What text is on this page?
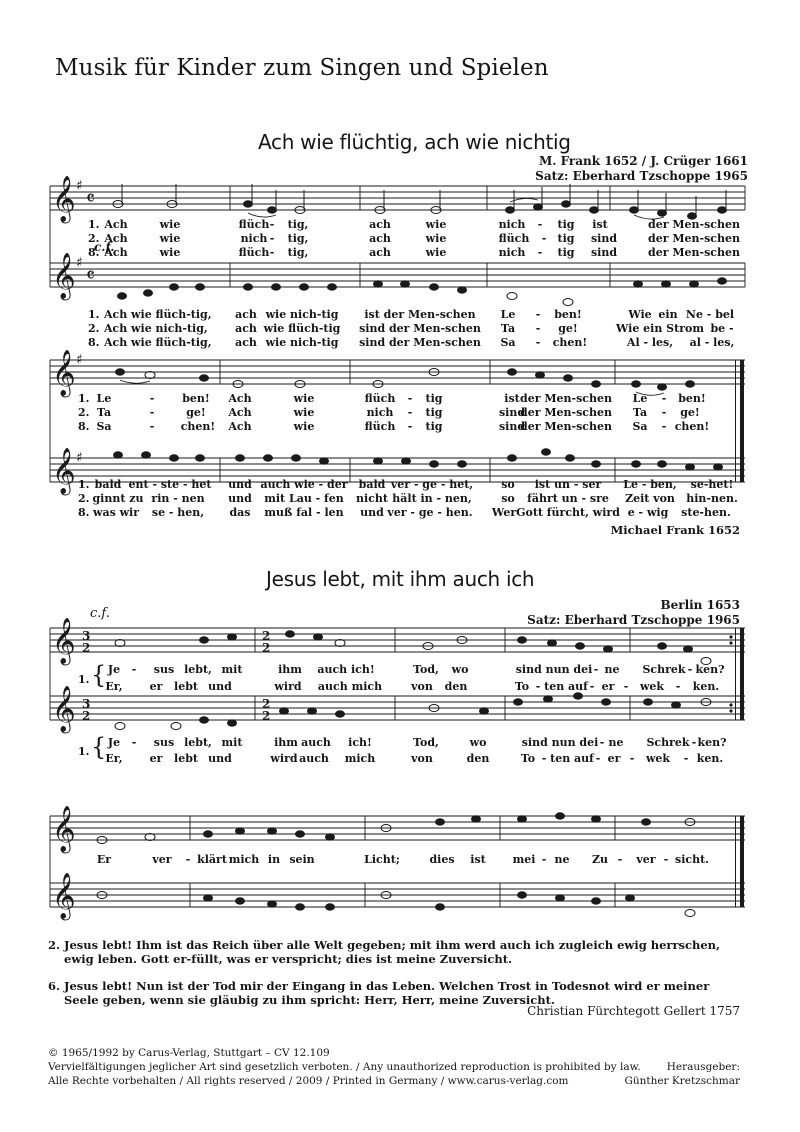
Musik für Kinder zum Singen und Spielen
Ach wie flüchtig, ach wie nichtig
M. Frank 1652 / J. Crüger 1661
Satz: Eberhard Tzschoppe 1965
𝄞
𝄞
𝄞
𝄞
𝄞
𝄞
𝄞
𝄞
♯
♯
♯
♯
𝄴
𝄴
3
2
3
2
2
2
2
2
{
{
c.f.
c.f.
1. Ach	wie	flüch - tig,	ach	wie	nich - tig ist	der Men-schen
2. Ach	wie	nich - tig,	ach	wie	flüch - tig sind	der Men-schen
8. Ach	wie	flüch - tig,	ach	wie	nich - tig sind	der Men-schen
1. Ach wie flüch-tig, ach wie nich-tig ist der Men-schen Le - ben!	Wie ein Ne - bel
2. Ach wie nich-tig, ach wie flüch-tig sind der Men-schen Ta - ge!	Wie ein Strom be -
8. Ach wie flüch-tig, ach wie nich-tig sind der Men-schen Sa - chen!	Al - les, al - les,
1. Le	-	ben! Ach	wie	flüch - tig	ist der Men-schen Le - ben!
2. Ta	-	ge! Ach	wie	nich - tig	sind
der Men-schen Ta - ge!
8. Sa	- chen! Ach	wie	flüch - tig	sind
der Men-schen Sa - chen!
1. bald ent - ste - het und auch wie - der bald ver - ge - het,	so ist un - ser Le - ben, se-het!
2. ginnt zu rin - nen und mit Lau - fen nicht hält in - nen,	so fährt un - sre Zeit von hin-nen.
8. was wir se - hen, das muß fal - len und ver - ge - hen. Wer Gott fürcht, wird e - wig ste-hen.
Michael Frank 1652
Jesus lebt, mit ihm auch ich
Berlin 1653
Satz: Eberhard Tzschoppe 1965
1.
Je - sus lebt, mit	ihm auch ich!	Tod, wo	sind nun dei - ne Schrek - ken?
Er, er lebt und	wird auch mich	von den	To - ten auf - er - wek - ken.
1.
Je - sus lebt, mit	ihm auch ich!	Tod,	wo	sind nun dei - ne Schrek - ken?
Er, er lebt und	wird auch mich	von	den	To - ten auf - er - wek - ken.
Er	ver - klärt mich in sein	Licht;	dies ist mei - ne Zu - ver - sicht.
2. Jesus lebt! Ihm ist das Reich über alle Welt gegeben; mit ihm werd auch ich zugleich ewig herrschen, ewig leben. Gott er-füllt, was er verspricht; dies ist meine Zuversicht.
6. Jesus lebt! Nun ist der Tod mir der Eingang in das Leben. Welchen Trost in Todesnot wird er meiner Seele geben, wenn sie gläubig zu ihm spricht: Herr, Herr, meine Zuversicht.
Christian Fürchtegott Gellert 1757
© 1965/1992 by Carus-Verlag, Stuttgart – CV 12.109
Vervielfältigungen jeglicher Art sind gesetzlich verboten. / Any unauthorized reproduction is prohibited by law.
Alle Rechte vorbehalten / All rights reserved / 2009 / Printed in Germany / www.carus-verlag.com
Herausgeber:
Günther Kretzschmar
